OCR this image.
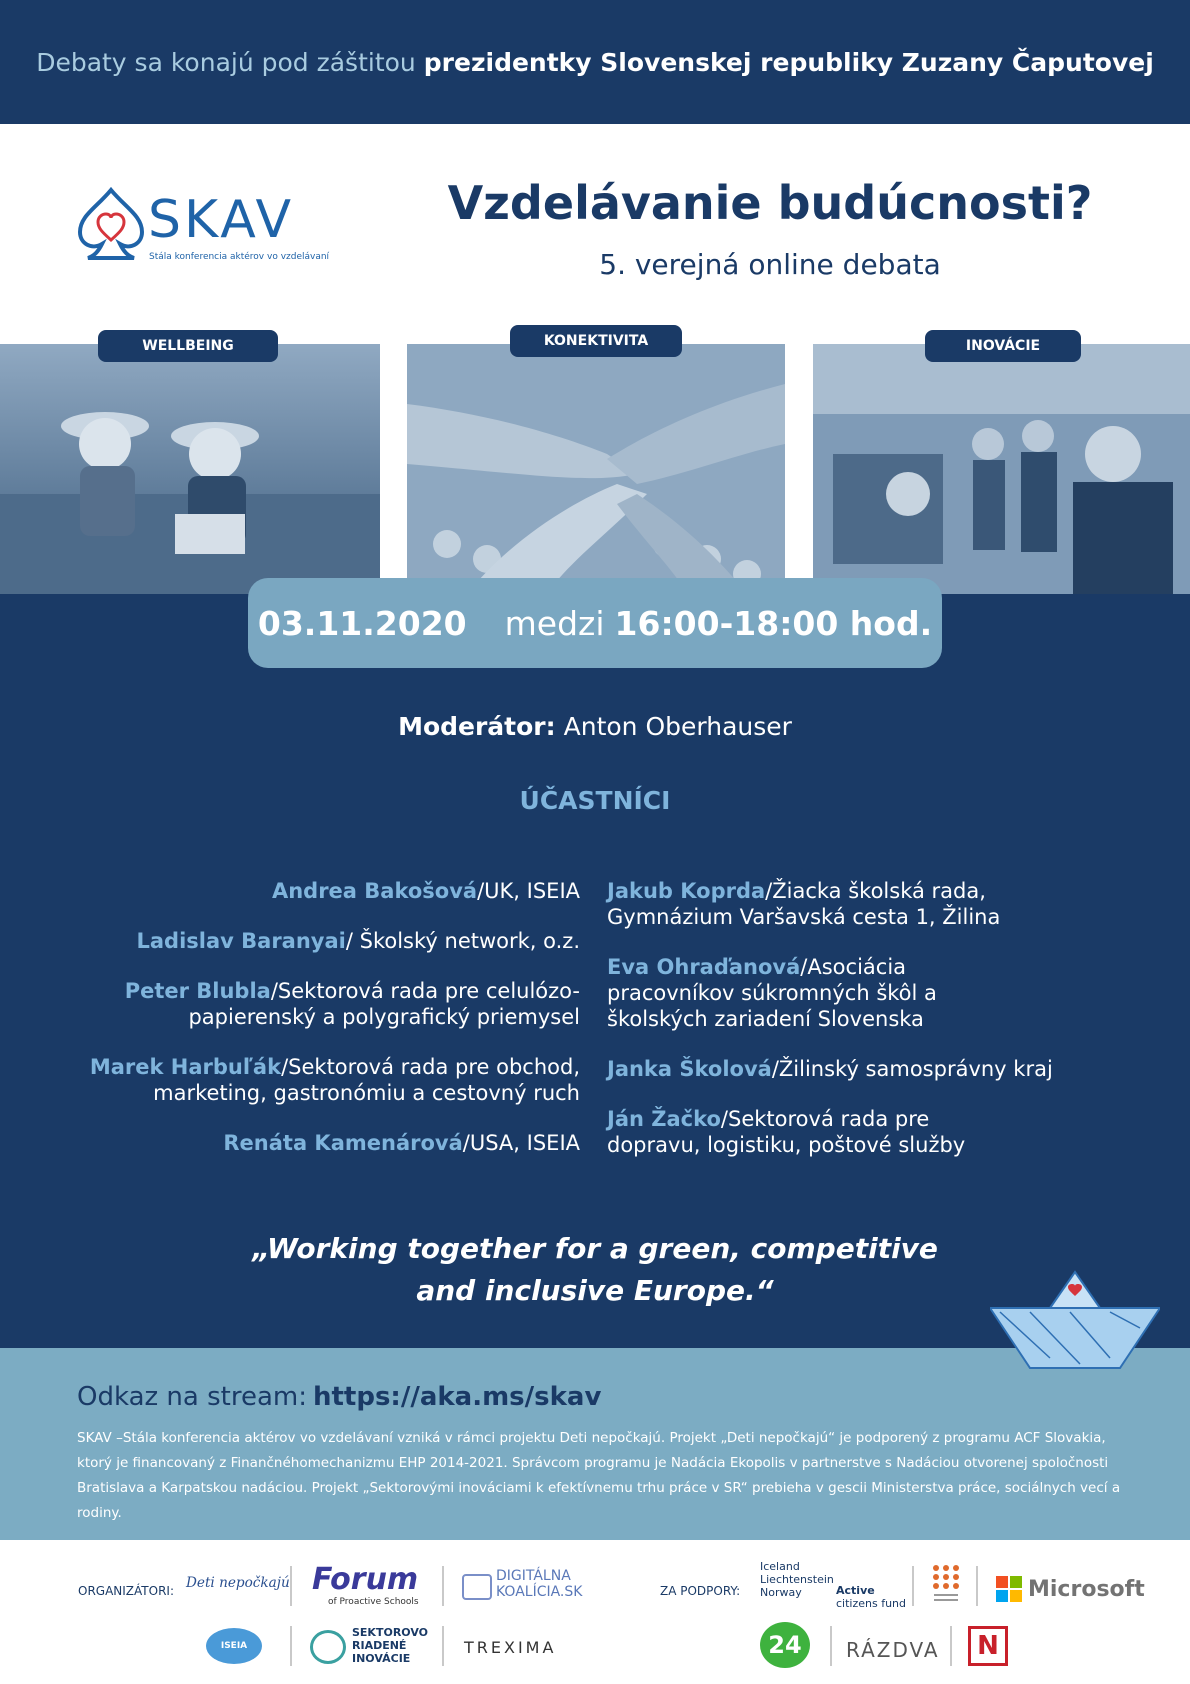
Debaty sa konajú pod záštitou prezidentky Slovenskej republiky Zuzany Čaputovej
SKAV
Stála konferencia aktérov vo vzdelávaní
Vzdelávanie budúcnosti?
5. verejná online debata
WELLBEING	KONEKTIVITA	INOVÁCIE
03.11.2020 medzi 16:00-18:00 hod.
Moderátor: Anton Oberhauser
ÚČASTNÍCI
Andrea Bakošová/UK, ISEIA
Ladislav Baranyai/ Školský network, o.z.
Peter Blubla/Sektorová rada pre celulózo-papierenský a polygrafický priemysel
Marek Harbuľák/Sektorová rada pre obchod, marketing, gastronómiu a cestovný ruch
Renáta Kamenárová/USA, ISEIA
Jakub Koprda/Žiacka školská rada, Gymnázium Varšavská cesta 1, Žilina
Eva Ohraďanová/Asociácia pracovníkov súkromných škôl a školských zariadení Slovenska
Janka Školová/Žilinský samosprávny kraj
Ján Žačko/Sektorová rada pre dopravu, logistiku, poštové služby
„Working together for a green, competitive
and inclusive Europe.“
Odkaz na stream: https://aka.ms/skav
SKAV –Stála konferencia aktérov vo vzdelávaní vzniká v rámci projektu Deti nepočkajú. Projekt „Deti nepočkajú“ je podporený z programu ACF Slovakia, ktorý je financovaný z Finančnéhomechanizmu EHP 2014-2021. Správcom programu je Nadácia Ekopolis v partnerstve s Nadáciou otvorenej spoločnosti Bratislava a Karpatskou nadáciou. Projekt „Sektorovými inováciami k efektívnemu trhu práce v SR“ prebieha v gescii Ministerstva práce, sociálnych vecí a rodiny.
ORGANIZÁTORI:
Deti nepočkajú Forum
of Proactive Schools
DIGITÁLNA
KOALÍCIA.SK	ZA PODPORY:
Iceland
Liechtenstein
Norway	Active
citizens fund
Microsoft
ISEIA
SEKTOROVO
RIADENÉ
INOVÁCIE
TREXIMA	24	RÁZDVA	N
